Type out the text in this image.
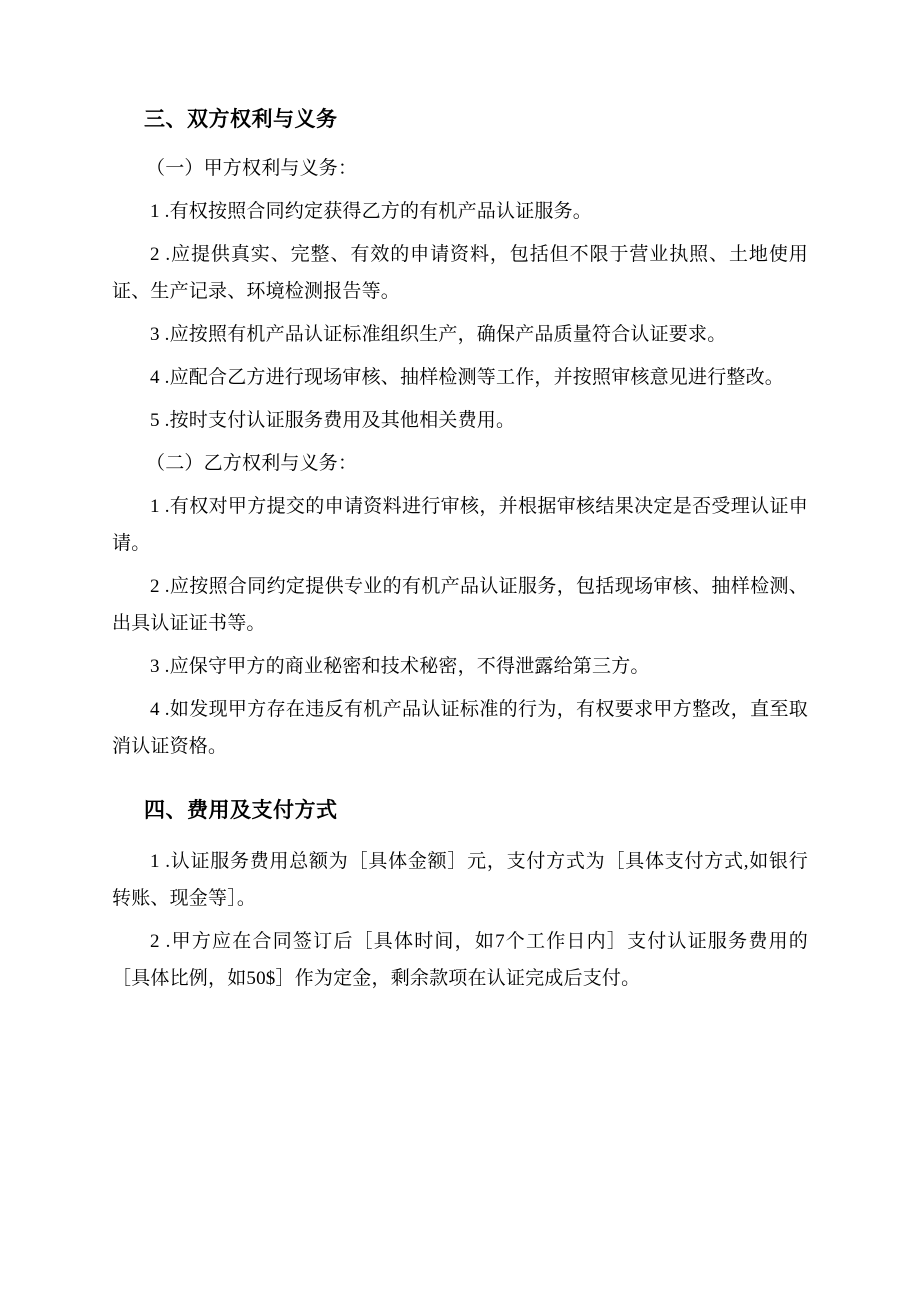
三、双方权利与义务

（一）甲方权利与义务：

1 .有权按照合同约定获得乙方的有机产品认证服务。

2 .应提供真实、完整、有效的申请资料，包括但不限于营业执照、土地使用证、生产记录、环境检测报告等。

3 .应按照有机产品认证标准组织生产，确保产品质量符合认证要求。

4 .应配合乙方进行现场审核、抽样检测等工作，并按照审核意见进行整改。

5 .按时支付认证服务费用及其他相关费用。

（二）乙方权利与义务：

1 .有权对甲方提交的申请资料进行审核，并根据审核结果决定是否受理认证申请。

2 .应按照合同约定提供专业的有机产品认证服务，包括现场审核、抽样检测、出具认证证书等。

3 .应保守甲方的商业秘密和技术秘密，不得泄露给第三方。

4 .如发现甲方存在违反有机产品认证标准的行为，有权要求甲方整改，直至取消认证资格。

四、费用及支付方式

1 .认证服务费用总额为［具体金额］元，支付方式为［具体支付方式,如银行转账、现金等］。

2 .甲方应在合同签订后［具体时间，如7个工作日内］支付认证服务费用的［具体比例，如50$］作为定金，剩余款项在认证完成后支付。
